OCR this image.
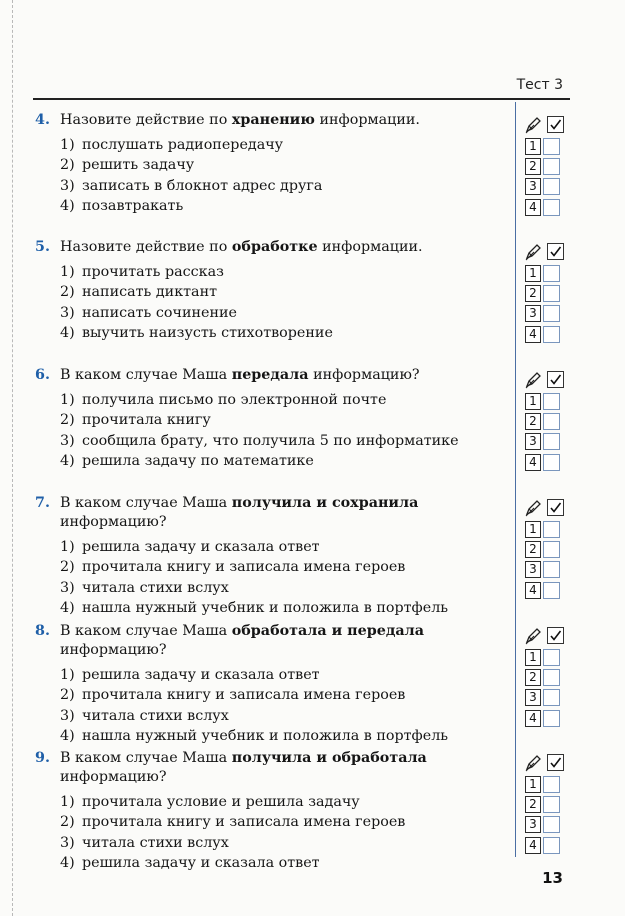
Тест 3
4. Назовите действие по хранению информации.
1) послушать радиопередачу
2) решить задачу
3) записать в блокнот адрес друга
4) позавтракать
5. Назовите действие по обработке информации.
1) прочитать рассказ
2) написать диктант
3) написать сочинение
4) выучить наизусть стихотворение
6. В каком случае Маша передала информацию?
1) получила письмо по электронной почте
2) прочитала книгу
3) сообщила брату, что получила 5 по информатике
4) решила задачу по математике
7. В каком случае Маша получила и сохранила информацию?
1) решила задачу и сказала ответ
2) прочитала книгу и записала имена героев
3) читала стихи вслух
4) нашла нужный учебник и положила в портфель
8. В каком случае Маша обработала и передала информацию?
1) решила задачу и сказала ответ
2) прочитала книгу и записала имена героев
3) читала стихи вслух
4) нашла нужный учебник и положила в портфель
9. В каком случае Маша получила и обработала информацию?
1) прочитала условие и решила задачу
2) прочитала книгу и записала имена героев
3) читала стихи вслух
4) решила задачу и сказала ответ
1
2
3
4
1
2
3
4
1
2
3
4
1
2
3
4
1
2
3
4
1
2
3
4
13
